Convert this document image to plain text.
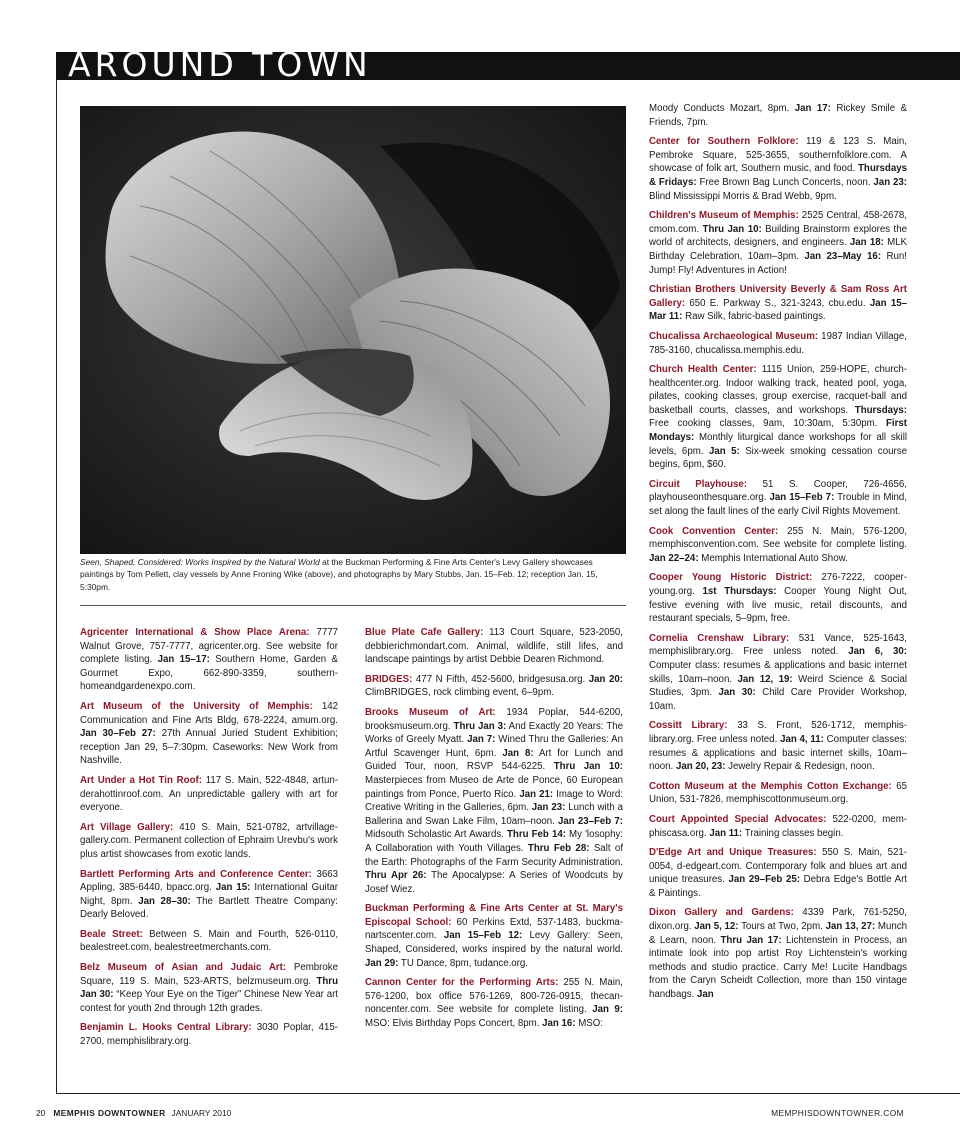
AROUND TOWN
Seen, Shaped, Considered: Works Inspired by the Natural World at the Buckman Performing & Fine Arts Center's Levy Gallery showcases paintings by Tom Pellett, clay vessels by Anne Froning Wike (above), and photographs by Mary Stubbs, Jan. 15–Feb. 12; reception Jan. 15, 5:30pm.

Agricenter International & Show Place Arena: 7777 Walnut Grove, 757-7777, agricenter.org. See website for complete listing. Jan 15–17: Southern Home, Garden & Gourmet Expo, 662-890-3359, southern-homeandgardenexpo.com.

Art Museum of the University of Memphis: 142 Communication and Fine Arts Bldg, 678-2224, amum.org. Jan 30–Feb 27: 27th Annual Juried Student Exhibition; reception Jan 29, 5–7:30pm. Caseworks: New Work from Nashville.

Art Under a Hot Tin Roof: 117 S. Main, 522-4848, artun-derahottinroof.com. An unpredictable gallery with art for everyone.

Art Village Gallery: 410 S. Main, 521-0782, artvillage-gallery.com. Permanent collection of Ephraim Urevbu's work plus artist showcases from exotic lands.

Bartlett Performing Arts and Conference Center: 3663 Appling, 385-6440, bpacc.org. Jan 15: International Guitar Night, 8pm. Jan 28–30: The Bartlett Theatre Company: Dearly Beloved.

Beale Street: Between S. Main and Fourth, 526-0110, bealestreet.com, bealestreetmerchants.com.

Belz Museum of Asian and Judaic Art: Pembroke Square, 119 S. Main, 523-ARTS, belzmuseum.org. Thru Jan 30: “Keep Your Eye on the Tiger” Chinese New Year art contest for youth 2nd through 12th grades.

Benjamin L. Hooks Central Library: 3030 Poplar, 415-2700, memphislibrary.org.

Blue Plate Cafe Gallery: 113 Court Square, 523-2050, debbierichmondart.com. Animal, wildlife, still lifes, and landscape paintings by artist Debbie Dearen Richmond.

BRIDGES: 477 N Fifth, 452-5600, bridgesusa.org. Jan 20: ClimBRIDGES, rock climbing event, 6–9pm.

Brooks Museum of Art: 1934 Poplar, 544-6200, brooksmuseum.org. Thru Jan 3: And Exactly 20 Years: The Works of Greely Myatt. Jan 7: Wined Thru the Galleries: An Artful Scavenger Hunt, 6pm. Jan 8: Art for Lunch and Guided Tour, noon, RSVP 544-6225. Thru Jan 10: Masterpieces from Museo de Arte de Ponce, 60 European paintings from Ponce, Puerto Rico. Jan 21: Image to Word: Creative Writing in the Galleries, 6pm. Jan 23: Lunch with a Ballerina and Swan Lake Film, 10am–noon. Jan 23–Feb 7: Midsouth Scholastic Art Awards. Thru Feb 14: My 'losophy: A Collaboration with Youth Villages. Thru Feb 28: Salt of the Earth: Photographs of the Farm Security Administration. Thru Apr 26: The Apocalypse: A Series of Woodcuts by Josef Wiez.

Buckman Performing & Fine Arts Center at St. Mary's Episcopal School: 60 Perkins Extd, 537-1483, buckma-nartscenter.com. Jan 15–Feb 12: Levy Gallery: Seen, Shaped, Considered, works inspired by the natural world. Jan 29: TU Dance, 8pm, tudance.org.

Cannon Center for the Performing Arts: 255 N. Main, 576-1200, box office 576-1269, 800-726-0915, thecan-noncenter.com. See website for complete listing. Jan 9: MSO: Elvis Birthday Pops Concert, 8pm. Jan 16: MSO:

Moody Conducts Mozart, 8pm. Jan 17: Rickey Smile & Friends, 7pm.

Center for Southern Folklore: 119 & 123 S. Main, Pembroke Square, 525-3655, southernfolklore.com. A showcase of folk art, Southern music, and food. Thursdays & Fridays: Free Brown Bag Lunch Concerts, noon. Jan 23: Blind Mississippi Morris & Brad Webb, 9pm.

Children's Museum of Memphis: 2525 Central, 458-2678, cmom.com. Thru Jan 10: Building Brainstorm explores the world of architects, designers, and engineers. Jan 18: MLK Birthday Celebration, 10am–3pm. Jan 23–May 16: Run! Jump! Fly! Adventures in Action!

Christian Brothers University Beverly & Sam Ross Art Gallery: 650 E. Parkway S., 321-3243, cbu.edu. Jan 15–Mar 11: Raw Silk, fabric-based paintings.

Chucalissa Archaeological Museum: 1987 Indian Village, 785-3160, chucalissa.memphis.edu.

Church Health Center: 1115 Union, 259-HOPE, church-healthcenter.org. Indoor walking track, heated pool, yoga, pilates, cooking classes, group exercise, racquet-ball and basketball courts, classes, and workshops. Thursdays: Free cooking classes, 9am, 10:30am, 5:30pm. First Mondays: Monthly liturgical dance workshops for all skill levels, 6pm. Jan 5: Six-week smoking cessation course begins, 6pm, $60.

Circuit Playhouse: 51 S. Cooper, 726-4656, playhouseonthesquare.org. Jan 15–Feb 7: Trouble in Mind, set along the fault lines of the early Civil Rights Movement.

Cook Convention Center: 255 N. Main, 576-1200, memphisconvention.com. See website for complete listing. Jan 22–24: Memphis International Auto Show.

Cooper Young Historic District: 276-7222, cooper-young.org. 1st Thursdays: Cooper Young Night Out, festive evening with live music, retail discounts, and restaurant specials, 5–9pm, free.

Cornelia Crenshaw Library: 531 Vance, 525-1643, memphislibrary.org. Free unless noted. Jan 6, 30: Computer class: resumes & applications and basic internet skills, 10am–noon. Jan 12, 19: Weird Science & Social Studies, 3pm. Jan 30: Child Care Provider Workshop, 10am.

Cossitt Library: 33 S. Front, 526-1712, memphis-library.org. Free unless noted. Jan 4, 11: Computer classes: resumes & applications and basic internet skills, 10am–noon. Jan 20, 23: Jewelry Repair & Redesign, noon.

Cotton Museum at the Memphis Cotton Exchange: 65 Union, 531-7826, memphiscottonmuseum.org.

Court Appointed Special Advocates: 522-0200, mem-phiscasa.org. Jan 11: Training classes begin.

D'Edge Art and Unique Treasures: 550 S. Main, 521-0054, d-edgeart.com. Contemporary folk and blues art and unique treasures. Jan 29–Feb 25: Debra Edge's Bottle Art & Paintings.

Dixon Gallery and Gardens: 4339 Park, 761-5250, dixon.org. Jan 5, 12: Tours at Two, 2pm. Jan 13, 27: Munch & Learn, noon. Thru Jan 17: Lichtenstein in Process, an intimate look into pop artist Roy Lichtenstein's working methods and studio practice. Carry Me! Lucite Handbags from the Caryn Scheidt Collection, more than 150 vintage handbags. Jan

20 MEMPHIS DOWNTOWNER JANUARY 2010	MEMPHISDOWNTOWNER.COM
